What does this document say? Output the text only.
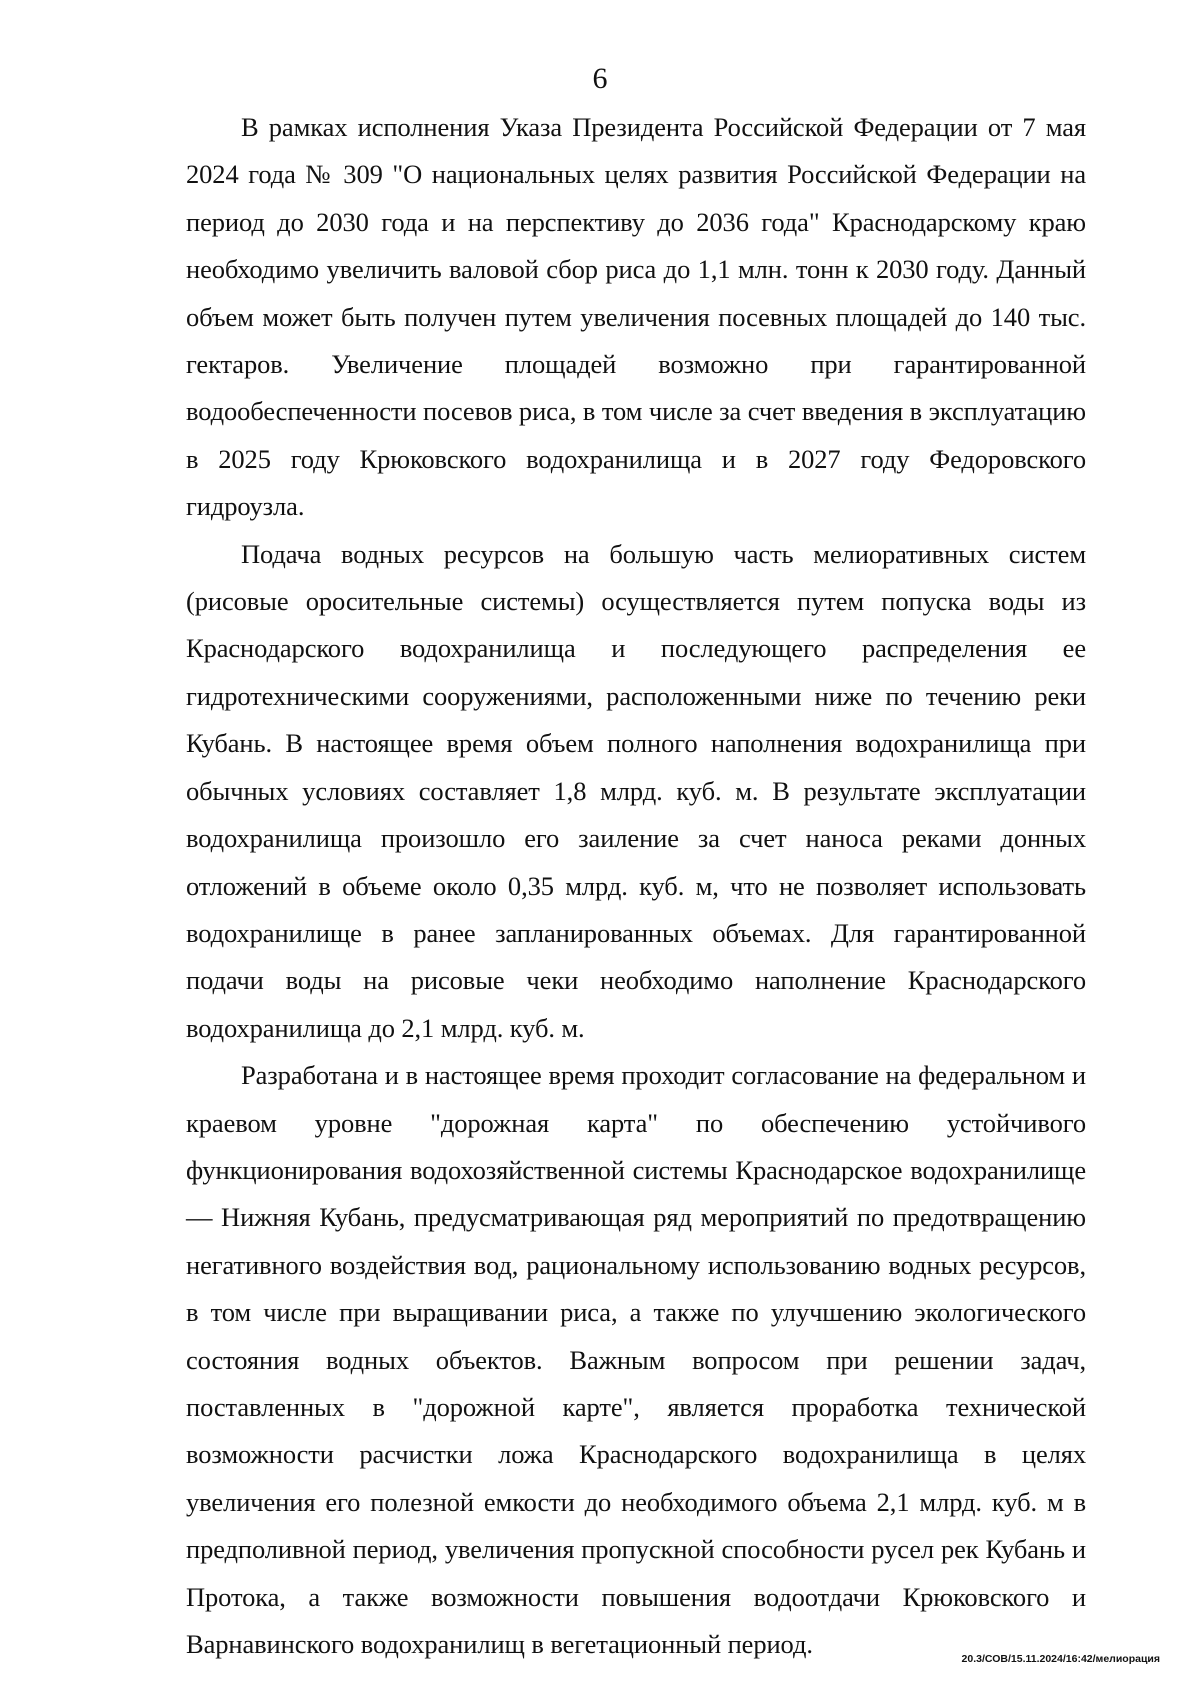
6

В рамках исполнения Указа Президента Российской Федерации от 7 мая 2024 года № 309 "О национальных целях развития Российской Федерации на период до 2030 года и на перспективу до 2036 года" Краснодарскому краю необходимо увеличить валовой сбор риса до 1,1 млн. тонн к 2030 году. Данный объем может быть получен путем увеличения посевных площадей до 140 тыс. гектаров. Увеличение площадей возможно при гарантированной водообеспеченности посевов риса, в том числе за счет введения в эксплуатацию в 2025 году Крюковского водохранилища и в 2027 году Федоровского гидроузла.

Подача водных ресурсов на большую часть мелиоративных систем (рисовые оросительные системы) осуществляется путем попуска воды из Краснодарского водохранилища и последующего распределения ее гидротехническими сооружениями, расположенными ниже по течению реки Кубань. В настоящее время объем полного наполнения водохранилища при обычных условиях составляет 1,8 млрд. куб. м. В результате эксплуатации водохранилища произошло его заиление за счет наноса реками донных отложений в объеме около 0,35 млрд. куб. м, что не позволяет использовать водохранилище в ранее запланированных объемах. Для гарантированной подачи воды на рисовые чеки необходимо наполнение Краснодарского водохранилища до 2,1 млрд. куб. м.

Разработана и в настоящее время проходит согласование на федеральном и краевом уровне "дорожная карта" по обеспечению устойчивого функционирования водохозяйственной системы Краснодарское водохранилище — Нижняя Кубань, предусматривающая ряд мероприятий по предотвращению негативного воздействия вод, рациональному использованию водных ресурсов, в том числе при выращивании риса, а также по улучшению экологического состояния водных объектов. Важным вопросом при решении задач, поставленных в "дорожной карте", является проработка технической возможности расчистки ложа Краснодарского водохранилища в целях увеличения его полезной емкости до необходимого объема 2,1 млрд. куб. м в предполивной период, увеличения пропускной способности русел рек Кубань и Протока, а также возможности повышения водоотдачи Крюковского и Варнавинского водохранилищ в вегетационный период.	20.3/СОВ/15.11.2024/16:42/мелиорация
